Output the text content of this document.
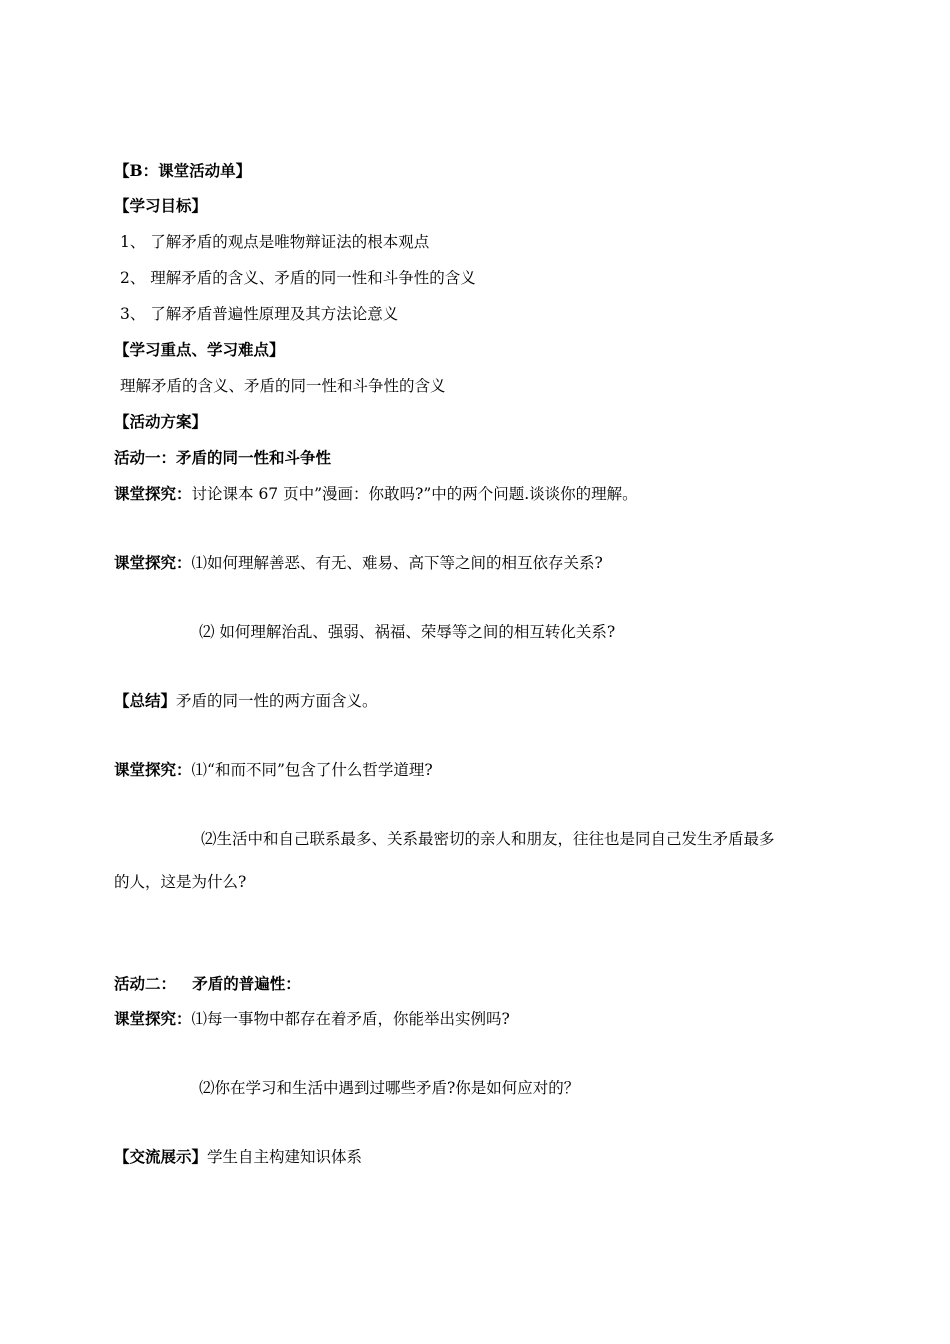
【B：课堂活动单】
【学习目标】
1、 了解矛盾的观点是唯物辩证法的根本观点
2、 理解矛盾的含义、矛盾的同一性和斗争性的含义
3、 了解矛盾普遍性原理及其方法论意义
【学习重点、学习难点】
理解矛盾的含义、矛盾的同一性和斗争性的含义
【活动方案】
活动一：矛盾的同一性和斗争性
课堂探究：讨论课本 67 页中”漫画：你敢吗?”中的两个问题.谈谈你的理解。
课堂探究：⑴如何理解善恶、有无、难易、高下等之间的相互依存关系?
⑵ 如何理解治乱、强弱、祸福、荣辱等之间的相互转化关系?
【总结】矛盾的同一性的两方面含义。
课堂探究：⑴“和而不同”包含了什么哲学道理?
⑵生活中和自己联系最多、关系最密切的亲人和朋友，往往也是同自己发生矛盾最多
的人，这是为什么?
活动二：   矛盾的普遍性：
课堂探究：⑴每一事物中都存在着矛盾，你能举出实例吗?
⑵你在学习和生活中遇到过哪些矛盾?你是如何应对的？
【交流展示】学生自主构建知识体系
